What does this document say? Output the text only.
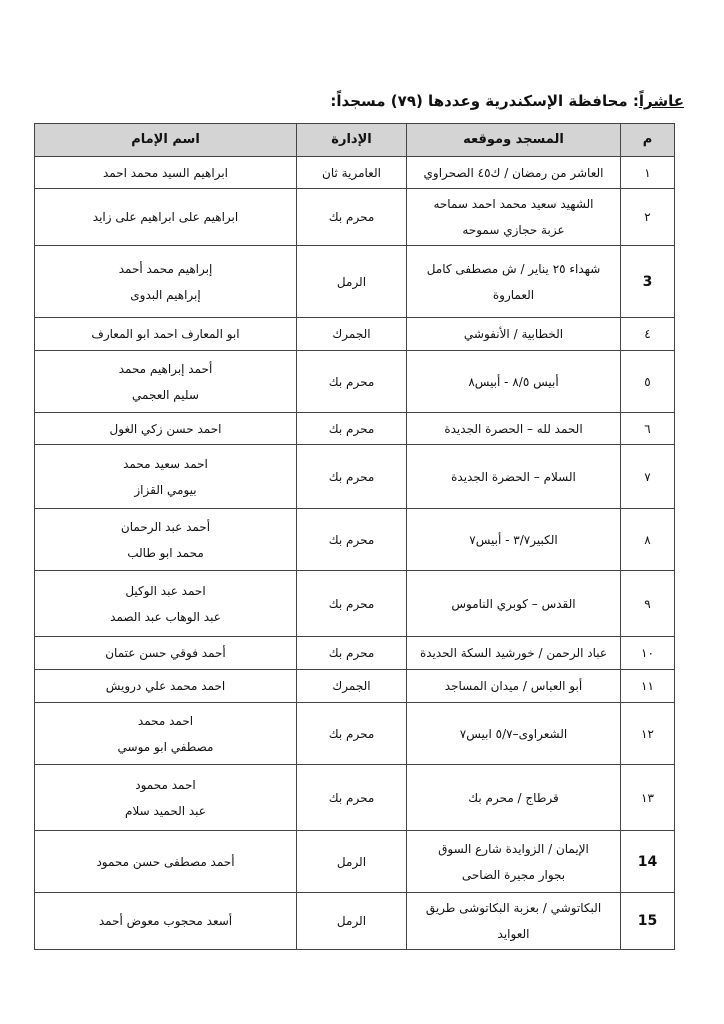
عاشراً: محافظة الإسكندرية وعددها (٧٩) مسجداً:
م	المسجد وموقعه	الإدارة	اسم الإمام
١	العاشر من رمضان / ك٤٥ الصحراوي	العامرية ثان	ابراهيم السيد محمد احمد

٢	الشهيد سعيد محمد احمد سماحه
عزبة حجازي سموحه	محرم بك	ابراهيم على ابراهيم على زايد

3	شهداء ٢٥ يناير / ش مصطفى كامل
العماروة	الرمل	إبراهيم محمد أحمد
إبراهيم البدوى

٤	الخطابية / الأنفوشي	الجمرك	ابو المعارف احمد ابو المعارف

٥	أبيس ٨/٥ - أبيس٨	محرم بك	أحمد إبراهيم محمد
سليم العجمي

٦	الحمد لله – الحصرة الجديدة	محرم بك	احمد حسن زكي الغول

٧	السلام – الحضرة الجديدة	محرم بك	احمد سعيد محمد
بيومي القزاز

٨	الكبير٣/٧ - أبيس٧	محرم بك	أحمد عبد الرحمان
محمد ابو طالب

٩	القدس – كوبري الناموس	محرم بك	احمد عبد الوكيل
عبد الوهاب عبد الصمد

١٠	عباد الرحمن / خورشيد السكة الحديدة	محرم بك	أحمد فوقي حسن عتمان

١١	أبو العباس / ميدان المساجد	الجمرك	احمد محمد علي درويش

١٢	الشعراوى–٥/٧ ابيس٧	محرم بك	احمد محمد
مصطفي ابو موسي

١٣	قرطاج / محرم بك	محرم بك	احمد محمود
عبد الحميد سلام

14	الإيمان / الزوايدة شارع السوق
بجوار مجيرة الضاحى	الرمل	أحمد مصطفى حسن محمود

15	البكاتوشي / بعزبة البكاتوشى طريق العوايد	الرمل	أسعد محجوب معوض أحمد
